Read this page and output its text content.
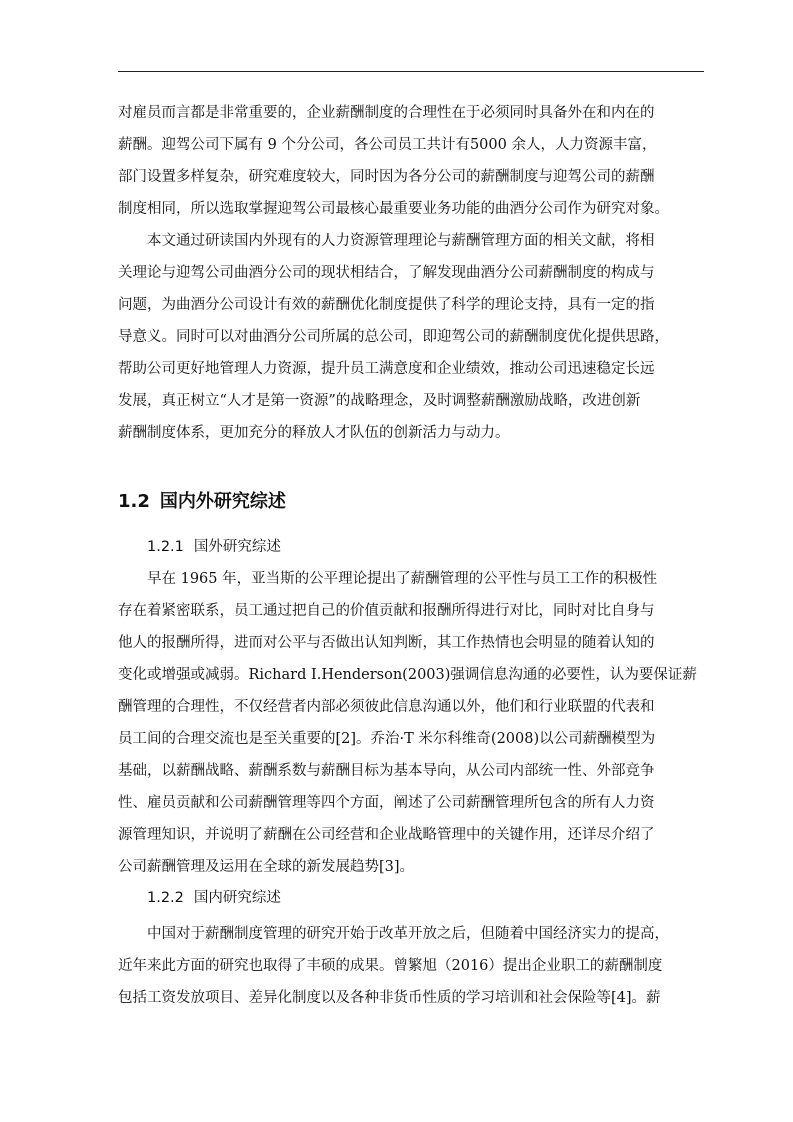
对雇员而言都是非常重要的，企业薪酬制度的合理性在于必须同时具备外在和内在的
薪酬。迎驾公司下属有 9 个分公司，各公司员工共计有5000 余人，人力资源丰富，
部门设置多样复杂，研究难度较大，同时因为各分公司的薪酬制度与迎驾公司的薪酬
制度相同，所以选取掌握迎驾公司最核心最重要业务功能的曲酒分公司作为研究对象。
本文通过研读国内外现有的人力资源管理理论与薪酬管理方面的相关文献，将相
关理论与迎驾公司曲酒分公司的现状相结合，了解发现曲酒分公司薪酬制度的构成与
问题，为曲酒分公司设计有效的薪酬优化制度提供了科学的理论支持，具有一定的指
导意义。同时可以对曲酒分公司所属的总公司，即迎驾公司的薪酬制度优化提供思路，
帮助公司更好地管理人力资源，提升员工满意度和企业绩效，推动公司迅速稳定长远
发展，真正树立“人才是第一资源”的战略理念，及时调整薪酬激励战略，改进创新
薪酬制度体系，更加充分的释放人才队伍的创新活力与动力。
1.2 国内外研究综述
1.2.1 国外研究综述
早在 1965 年，亚当斯的公平理论提出了薪酬管理的公平性与员工工作的积极性
存在着紧密联系，员工通过把自己的价值贡献和报酬所得进行对比，同时对比自身与
他人的报酬所得，进而对公平与否做出认知判断，其工作热情也会明显的随着认知的
变化或增强或减弱。Richard I.Henderson(2003)强调信息沟通的必要性，认为要保证薪
酬管理的合理性，不仅经营者内部必须彼此信息沟通以外，他们和行业联盟的代表和
员工间的合理交流也是至关重要的[2]。乔治·T 米尔科维奇(2008)以公司薪酬模型为
基础，以薪酬战略、薪酬系数与薪酬目标为基本导向，从公司内部统一性、外部竞争
性、雇员贡献和公司薪酬管理等四个方面，阐述了公司薪酬管理所包含的所有人力资
源管理知识，并说明了薪酬在公司经营和企业战略管理中的关键作用，还详尽介绍了
公司薪酬管理及运用在全球的新发展趋势[3]。
1.2.2 国内研究综述
中国对于薪酬制度管理的研究开始于改革开放之后，但随着中国经济实力的提高，
近年来此方面的研究也取得了丰硕的成果。曾繁旭（2016）提出企业职工的薪酬制度
包括工资发放项目、差异化制度以及各种非货币性质的学习培训和社会保险等[4]。薪
